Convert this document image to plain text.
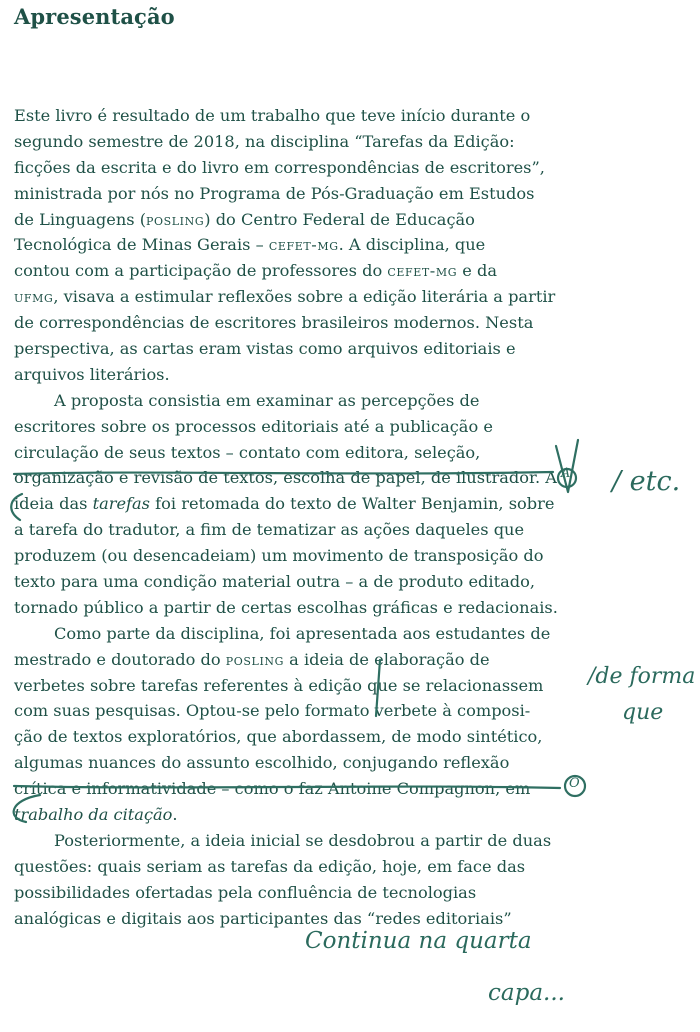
Apresentação
Este livro é resultado de um trabalho que teve início durante o
segundo semestre de 2018, na disciplina “Tarefas da Edição:
ficções da escrita e do livro em correspondências de escritores”,
ministrada por nós no Programa de Pós-Graduação em Estudos
de Linguagens (posling) do Centro Federal de Educação
Tecnológica de Minas Gerais – cefet-mg. A disciplina, que
contou com a participação de professores do cefet-mg e da
ufmg, visava a estimular reflexões sobre a edição literária a partir
de correspondências de escritores brasileiros modernos. Nesta
perspectiva, as cartas eram vistas como arquivos editoriais e
arquivos literários.
A proposta consistia em examinar as percepções de
escritores sobre os processos editoriais até a publicação e
circulação de seus textos – contato com editora, seleção,
organização e revisão de textos, escolha de papel, de ilustrador. A
ideia das tarefas foi retomada do texto de Walter Benjamin, sobre
a tarefa do tradutor, a fim de tematizar as ações daqueles que
produzem (ou desencadeiam) um movimento de transposição do
texto para uma condição material outra – a de produto editado,
tornado público a partir de certas escolhas gráficas e redacionais.
Como parte da disciplina, foi apresentada aos estudantes de
mestrado e doutorado do posling a ideia de elaboração de
verbetes sobre tarefas referentes à edição que se relacionassem
com suas pesquisas. Optou-se pelo formato verbete à composi-
ção de textos exploratórios, que abordassem, de modo sintético,
algumas nuances do assunto escolhido, conjugando reflexão
crítica e informatividade – como o faz Antoine Compagnon, em
trabalho da citação.
Posteriormente, a ideia inicial se desdobrou a partir de duas
questões: quais seriam as tarefas da edição, hoje, em face das
possibilidades ofertadas pela confluência de tecnologias
analógicas e digitais aos participantes das “redes editoriais”
A / etc.
/de forma
que
O
Continua na quarta
capa...
